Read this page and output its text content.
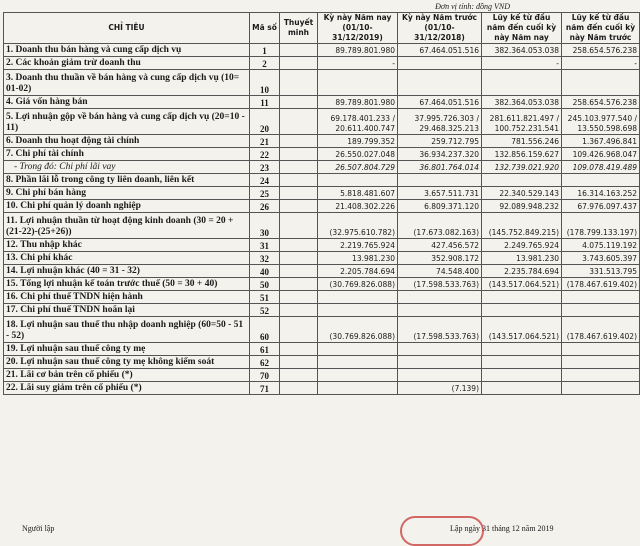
Đơn vị tính: đồng VND
CHỈ TIÊU	Mã số	Thuyết minh	Kỳ này Năm nay (01/10-31/12/2019)	Kỳ này Năm trước (01/10-31/12/2018)	Lũy kế từ đầu năm đến cuối kỳ này Năm nay	Lũy kế từ đầu năm đến cuối kỳ này Năm trước
1. Doanh thu bán hàng và cung cấp dịch vụ	1		89.789.801.980	67.464.051.516	382.364.053.038	258.654.576.238
2. Các khoản giảm trừ doanh thu	2		-		-	-
3. Doanh thu thuần về bán hàng và cung cấp dịch vụ (10= 01-02)	10					
4. Giá vốn hàng bán	11		89.789.801.980	67.464.051.516	382.364.053.038	258.654.576.238
5. Lợi nhuận gộp về bán hàng và cung cấp dịch vụ (20=10 - 11)	20		69.178.401.233 / 20.611.400.747	37.995.726.303 / 29.468.325.213	281.611.821.497 / 100.752.231.541	245.103.977.540 / 13.550.598.698
6. Doanh thu hoạt động tài chính	21		189.799.352	259.712.795	781.556.246	1.367.496.841
7. Chi phí tài chính	22		26.550.027.048	36.934.237.320	132.856.159.627	109.426.968.047
- Trong đó: Chi phí lãi vay	23		26.507.804.729	36.801.764.014	132.739.021.920	109.078.419.489
8. Phần lãi lỗ trong công ty liên doanh, liên kết	24					
9. Chi phí bán hàng	25		5.818.481.607	3.657.511.731	22.340.529.143	16.314.163.252
10. Chi phí quản lý doanh nghiệp	26		21.408.302.226	6.809.371.120	92.089.948.232	67.976.097.437
11. Lợi nhuận thuần từ hoạt động kinh doanh (30 = 20 + (21-22)-(25+26))	30		(32.975.610.782)	(17.673.082.163)	(145.752.849.215)	(178.799.133.197)
12. Thu nhập khác	31		2.219.765.924	427.456.572	2.249.765.924	4.075.119.192
13. Chi phí khác	32		13.981.230	352.908.172	13.981.230	3.743.605.397
14. Lợi nhuận khác (40 = 31 - 32)	40		2.205.784.694	74.548.400	2.235.784.694	331.513.795
15. Tổng lợi nhuận kế toán trước thuế (50 = 30 + 40)	50		(30.769.826.088)	(17.598.533.763)	(143.517.064.521)	(178.467.619.402)
16. Chi phí thuế TNDN hiện hành	51					
17. Chi phí thuế TNDN hoãn lại	52					
18. Lợi nhuận sau thuế thu nhập doanh nghiệp (60=50 - 51 - 52)	60		(30.769.826.088)	(17.598.533.763)	(143.517.064.521)	(178.467.619.402)
19. Lợi nhuận sau thuế công ty mẹ	61					
20. Lợi nhuận sau thuế công ty mẹ không kiểm soát	62					
21. Lãi cơ bản trên cổ phiếu (*)	70					
22. Lãi suy giảm trên cổ phiếu (*)	71			(7.139)		
Người lập	Lập ngày 31 tháng 12 năm 2019
